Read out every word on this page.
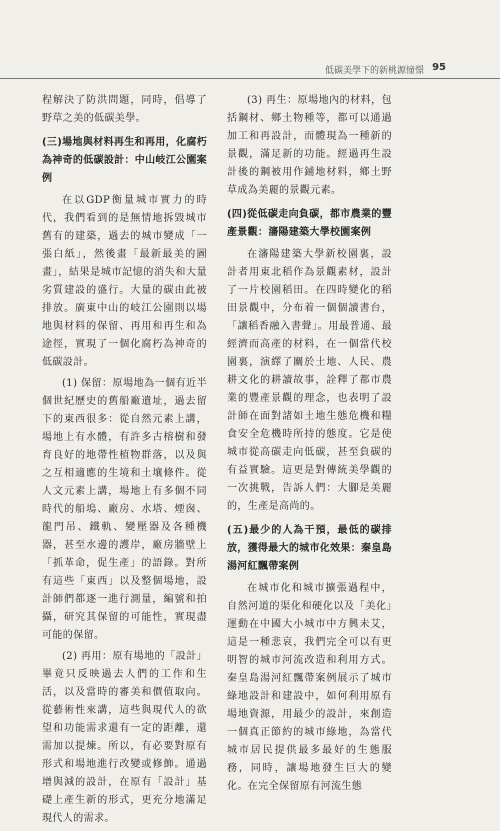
低碳美學下的新桃源憧憬 95

程解決了防洪問題，同時，倡導了野草之美的低碳美學。

(三)場地與材料再生和再用，化腐朽為神奇的低碳設計：中山岐江公園案例

在以GDP衡量城市實力的時代，我們看到的是無情地拆毀城市舊有的建築，過去的城市變成「一張白紙」，然後畫「最新最美的圖畫」，結果是城市記憶的消失和大量劣質建設的盛行。大量的碳由此被排放。廣東中山的岐江公園則以場地與材料的保留、再用和再生和為途徑，實現了一個化腐朽為神奇的低碳設計。

(1) 保留：原場地為一個有近半個世紀歷史的舊船廠遺址，過去留下的東西很多：從自然元素上講，場地上有水體，有許多古榕樹和發育良好的地帶性植物群落，以及與之互相適應的生境和土壤條件。從人文元素上講，場地上有多個不同時代的船塢、廠房、水塔、煙囪、龍門吊、鐵軌、變壓器及各種機器，甚至水邊的護岸，廠房牆壁上「抓革命，促生產」的語錄。對所有這些「東西」以及整個場地，設計師們都逐一進行測量，編號和拍攝，研究其保留的可能性，實現盡可能的保留。

(2) 再用：原有場地的「設計」畢竟只反映過去人們的工作和生活，以及當時的審美和價值取向。從藝術性來講，這些與現代人的欲望和功能需求還有一定的距離，還需加以提煉。所以，有必要對原有形式和場地進行改變或修飾。通過增與減的設計，在原有「設計」基礎上產生新的形式，更充分地滿足現代人的需求。

(3) 再生：原場地內的材料，包括鋼材、鄉土物種等，都可以通過加工和再設計，而體現為一種新的景觀，滿足新的功能。經過再生設計後的鋼被用作鋪地材料，鄉土野草成為美麗的景觀元素。

(四)從低碳走向負碳，都市農業的豐產景觀：瀋陽建築大學校園案例

在瀋陽建築大學新校園裏，設計者用東北稻作為景觀素材，設計了一片校園稻田。在四時變化的稻田景觀中，分布着一個個讀書台，「讓稻香融入書聲」。用最普通、最經濟而高產的材料，在一個當代校園裏，演繹了關於土地、人民、農耕文化的耕讀故事，詮釋了都市農業的豐產景觀的理念，也表明了設計師在面對諸如土地生態危機和糧食安全危機時所持的態度。它是使城市從高碳走向低碳，甚至負碳的有益實驗。這更是對傳統美學觀的一次挑戰，告訴人們：大腳是美麗的，生產是高尚的。

(五)最少的人為干預，最低的碳排放，獲得最大的城市化效果：秦皇島湯河紅飄帶案例

在城市化和城市擴張過程中，自然河道的渠化和硬化以及「美化」運動在中國大小城市中方興未艾，這是一種悲哀，我們完全可以有更明智的城市河流改造和利用方式。秦皇島湯河紅飄帶案例展示了城市綠地設計和建設中，如何利用原有場地資源，用最少的設計，來創造一個真正節約的城市綠地，為當代城市居民提供最多最好的生態服務，同時，讓場地發生巨大的變化。在完全保留原有河流生態
